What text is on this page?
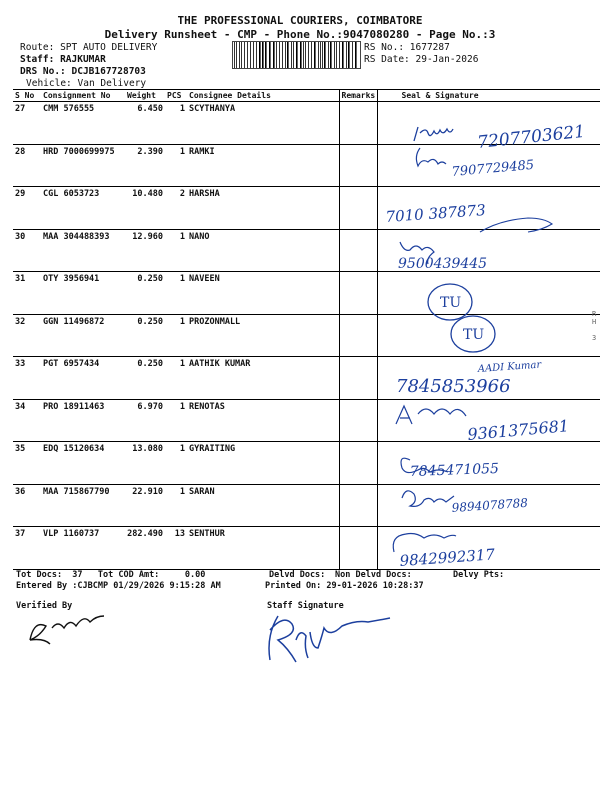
THE PROFESSIONAL COURIERS, COIMBATORE
Delivery Runsheet - CMP - Phone No.:9047080280 - Page No.:3
Route: SPT AUTO DELIVERY
Staff: RAJKUMAR
DRS No.: DCJB167728703
Vehicle: Van Delivery
RS No.: 1677287
RS Date: 29-Jan-2026
S No	Consignment No	Weight	PCS	Consignee Details	Remarks	Seal & Signature
27	CMM 576555	6.450	1	SCYTHANYA		
28	HRD 7000699975	2.390	1	RAMKI		
29	CGL 6053723	10.480	2	HARSHA		
30	MAA 304488393	12.960	1	NANO		
31	OTY 3956941	0.250	1	NAVEEN		
32	GGN 11496872	0.250	1	PROZONMALL		
33	PGT 6957434	0.250	1	AATHIK KUMAR		
34	PRO 18911463	6.970	1	RENOTAS		
35	EDQ 15120634	13.080	1	GYRAITING		
36	MAA 715867790	22.910	1	SARAN		
37	VLP 1160737	282.490	13	SENTHUR		
R
H

3
7207703621
7907729485
7010 387873
9500439445
TU
TU
AADI Kumar
7845853966
9361375681
7845471055
9894078788
9842992317
Tot Docs:  37 Tot COD Amt:     0.00	Delvd Docs: Non Delvd Docs:	Delvy Pts:
Entered By :CJBCMP 01/29/2026 9:15:28 AM	Printed On: 29-01-2026 10:28:37
Verified By	Staff Signature
